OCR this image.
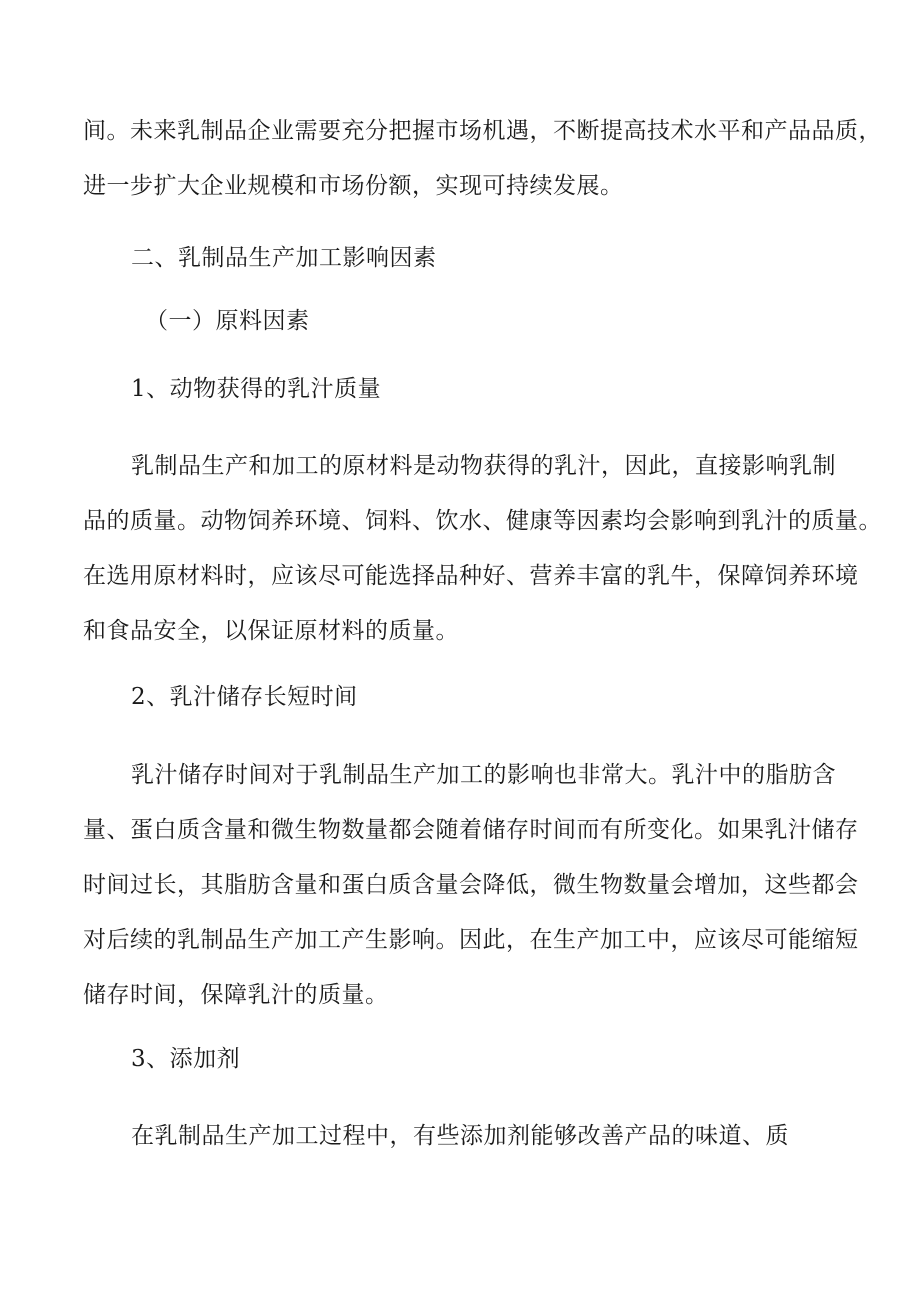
间。未来乳制品企业需要充分把握市场机遇，不断提高技术水平和产品品质，
进一步扩大企业规模和市场份额，实现可持续发展。
二、乳制品生产加工影响因素
（一）原料因素
1、动物获得的乳汁质量
乳制品生产和加工的原材料是动物获得的乳汁，因此，直接影响乳制
品的质量。动物饲养环境、饲料、饮水、健康等因素均会影响到乳汁的质量。
在选用原材料时，应该尽可能选择品种好、营养丰富的乳牛，保障饲养环境
和食品安全，以保证原材料的质量。
2、乳汁储存长短时间
乳汁储存时间对于乳制品生产加工的影响也非常大。乳汁中的脂肪含
量、蛋白质含量和微生物数量都会随着储存时间而有所变化。如果乳汁储存
时间过长，其脂肪含量和蛋白质含量会降低，微生物数量会增加，这些都会
对后续的乳制品生产加工产生影响。因此，在生产加工中，应该尽可能缩短
储存时间，保障乳汁的质量。
3、添加剂
在乳制品生产加工过程中，有些添加剂能够改善产品的味道、质
